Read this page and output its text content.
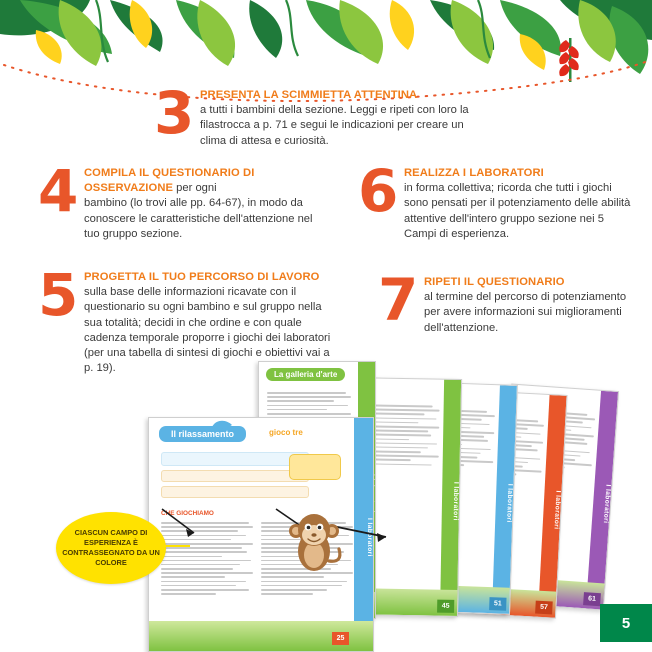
3 PRESENTA LA SCIMMIETTA ATTENTINA
a tutti i bambini della sezione. Leggi e ripeti con loro la filastrocca a p. 71 e segui le indicazioni per creare un clima di attesa e curiosità.
4 COMPILA IL QUESTIONARIO DI OSSERVAZIONE per ogni
bambino (lo trovi alle pp. 64-67), in modo da conoscere le caratteristiche dell'attenzione nel tuo gruppo sezione.
5 PROGETTA IL TUO PERCORSO DI LAVORO
sulla base delle informazioni ricavate con il questionario su ogni bambino e sul gruppo nella sua totalità; decidi in che ordine e con quale cadenza temporale proporre i giochi dei laboratori (per una tabella di sintesi di giochi e obiettivi vai a p. 19).
6 REALIZZA I LABORATORI
in forma collettiva; ricorda che tutti i giochi sono pensati per il potenziamento delle abilità attentive dell'intero gruppo sezione nei 5 Campi di esperienza.
7 RIPETI IL QUESTIONARIO
al termine del percorso di potenziamento per avere informazioni sui miglioramenti dell'attenzione.
I laboratori
61
I laboratori
57
I laboratori
51
I laboratori
45
La galleria d'arte
I laboratori
Il rilassamento	gioco tre
CHE GIOCHIAMO
25
CIASCUN CAMPO DI ESPERIENZA È CONTRASSEGNATO DA UN COLORE
5
